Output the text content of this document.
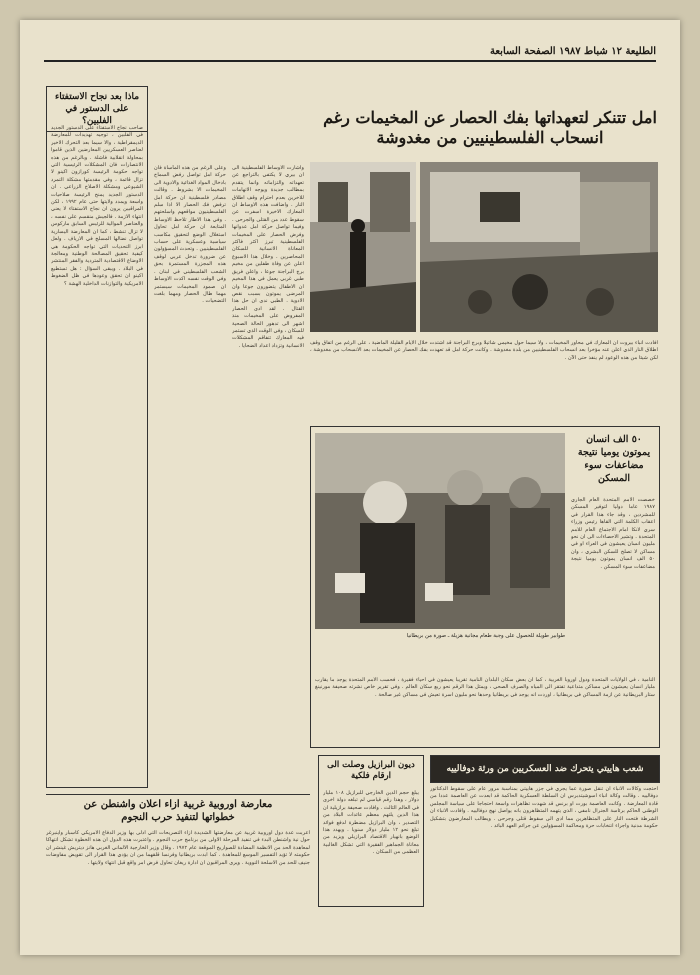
الطليعة ١٢ شباط ١٩٨٧ الصفحة السابعة
امل تتنكر لتعهداتها بفك الحصار عن المخيمات رغم
انسحاب الفلسطينيين من مغدوشة
افادت انباء بيروت ان المعارك في محاور المخيمات ، ولا سيما حول مخيمي شاتيلا وبرج البراجنة قد اشتدت خلال الايام القليلة الماضية ، على الرغم من اتفاق وقف اطلاق النار الذي اعلن عنه مؤخرا بعد انسحاب الفلسطينيين من بلدة مغدوشة . وكانت حركة امل قد تعهدت بفك الحصار عن المخيمات بعد الانسحاب من مغدوشة ، لكن شيئا من هذه الوعود لم ينفذ حتى الآن .
واشارت الاوساط الفلسطينية الى ان بيري لا يكتفي بالتراجع عن تعهداته والتزاماته وانما يتقدم بمطالب جديدة ويوجه الاتهامات للاخرين بعدم احترام وقف اطلاق النار . واضافت هذه الاوساط ان المعارك الاخيرة اسفرت عن سقوط عدد من القتلى والجرحى . وفيما تواصل حركة امل عدوانها وفرض الحصار على المخيمات الفلسطينية تبرز اكثر فاكثر المعاناة الانسانية للسكان المحاصرين . وخلال هذا الاسبوع اعلن عن وفاة طفلين من مخيم برج البراجنة جوعا ، واعلن فريق طبي غربي يعمل في هذا المخيم ان الاطفال يتضورون جوعا وان المرضى يموتون بسبب نقص الادوية . الطبي ندى ان حل هذا القتال . لقد ادى الحصار المفروض على المخيمات منذ اشهر الى تدهور الحالة الصحية للسكان ، وفي الوقت الذي تستمر فيه المعارك تتفاقم المشكلات الانسانية وتزداد اعداد الضحايا .
وعلى الرغم من هذه المأساة فان حركة امل تواصل رفض السماح بادخال المواد الغذائية والادوية الى المخيمات الا بشروط . وقالت مصادر فلسطينية ان حركة امل ترفض فك الحصار الا اذا سلم الفلسطينيون مواقعهم واسلحتهم . وفي هذا الاطار تلاحظ الاوساط المتابعة ان حركة امل تحاول استغلال الوضع لتحقيق مكاسب سياسية وعسكرية على حساب الفلسطينيين . وتحدث المسؤولون عن ضرورة تدخل عربي لوقف هذه المجزرة المستمرة بحق الشعب الفلسطيني في لبنان . وفي الوقت نفسه اكدت الاوساط ان صمود المخيمات سيستمر مهما طال الحصار ومهما بلغت التضحيات .
ماذا بعد نجاح الاستفتاء
على الدستور في الفلبين؟
صاحب نجاح الاستفتاء على الدستور الجديد في الفلبين ، توجيه تهديدات للمعارضة الديمقراطية ، والا سيما بعد التحرك الاخير لعناصر العسكريين المعارضين الذين قاموا بمحاولة انقلابية فاشلة . وبالرغم من هذه الانتصارات فان المشكلات الرئيسية التي تواجه حكومة الرئيسة كورازون اكينو لا تزال قائمة ، وفي مقدمتها مشكلة التمرد الشيوعي ومشكلة الاصلاح الزراعي . ان الدستور الجديد يمنح الرئيسة صلاحيات واسعة ويمدد ولايتها حتى عام ١٩٩٢ ، لكن المراقبين يرون ان نجاح الاستفتاء لا يعني انتهاء الازمة . فالجيش منقسم على نفسه ، والعناصر الموالية للرئيس السابق ماركوس لا تزال تنشط ، كما ان المعارضة اليسارية تواصل نضالها المسلح في الارياف . ولعل ابرز التحديات التي تواجه الحكومة هي كيفية تحقيق المصالحة الوطنية ومعالجة الاوضاع الاقتصادية المتردية والفقر المنتشر في البلاد . ويبقى السؤال : هل تستطيع اكينو ان تحقق وعودها في ظل الضغوط الامريكية والتوازنات الداخلية الهشة ؟
٥٠ الف انسان
يموتون يوميا نتيجة
مضاعفات سوء
المسكن
خصصت الامم المتحدة العام الجاري ١٩٨٧ عاما دوليا لتوفير المسكن للمشردين ، وقد جاء هذا القرار في اعقاب الكلمة التي القاها رئيس وزراء سري لانكا امام الاجتماع العام للامم المتحدة . وتشير الاحصاءات الى ان نحو مليون انسان يعيشون في العراء او في مساكن لا تصلح للسكن البشري ، وان ٥٠ الف انسان يموتون يوميا نتيجة مضاعفات سوء المسكن .
طوابير طويلة للحصول على وجبة طعام مجانية هزيلة ـ صورة من بريطانيا
النامية ، في الولايات المتحدة ودول اوروبا الغربية ، كما ان بعض سكان البلدان النامية تقريبا يعيشون في احياء فقيرة ، فحسب الامم المتحدة يوجد ما يقارب مليار انسان يعيشون في مساكن متداعية تفتقر الى المياه والصرف الصحي ، ويمثل هذا الرقم نحو ربع سكان العالم . وفي تقرير خاص نشرته صحيفة مورنينغ ستار البريطانية عن ازمة المساكن في بريطانيا ، اوردت انه يوجد في بريطانيا وحدها نحو مليون اسرة تعيش في مساكن غير صالحة .
شعب هاييتي يتحرك ضد العسكريين من ورثة دوفالييه
احتجت وكالات الانباء ان تنقل صورة عما يجري في جزر هاييتي بمناسبة مرور عام على سقوط الدكتاتور دوفالييه . وقالت وكالة انباء اسوشيتدبرس ان السلطة العسكرية الحاكمة قد ابعدت عن العاصمة عددا من قادة المعارضة . وكانت العاصمة بورت او برنس قد شهدت تظاهرات واسعة احتجاجا على سياسة المجلس الوطني الحاكم برئاسة الجنرال نامفي ، الذي يتهمه المتظاهرون بانه يواصل نهج دوفالييه . وافادت الانباء ان الشرطة فتحت النار على المتظاهرين مما ادى الى سقوط قتلى وجرحى . ويطالب المعارضون بتشكيل حكومة مدنية واجراء انتخابات حرة ومحاكمة المسؤولين عن جرائم العهد البائد .
ديون البرازيل وصلت الى
ارقام فلكية
يبلغ حجم الدين الخارجي للبرازيل ١٠٨ مليار دولار ، وهذا رقم قياسي لم تبلغه دولة اخرى في العالم الثالث . وافادت صحيفة برازيلية ان هذا الدين يلتهم معظم عائدات البلاد من التصدير ، وان البرازيل مضطرة لدفع فوائد تبلغ نحو ١٢ مليار دولار سنويا . ويهدد هذا الوضع بانهيار الاقتصاد البرازيلي ويزيد من معاناة الجماهير الفقيرة التي تشكل الغالبية العظمى من السكان .
معارضة اوروبية غربية ازاء اعلان واشنطن عن
خطواتها لتنفيذ حرب النجوم
اعربت عدة دول اوروبية غربية عن معارضتها الشديدة ازاء التصريحات التي ادلى بها وزير الدفاع الامريكي كاسبار واينبرغر حول نية واشنطن البدء في تنفيذ المرحلة الاولى من برنامج حرب النجوم . واعتبرت هذه الدول ان هذه الخطوة تشكل انتهاكا لمعاهدة الحد من الانظمة المضادة للصواريخ الموقعة عام ١٩٧٢ . وقال وزير الخارجية الالماني الغربي هانز ديتريش غينشر ان حكومته لا تؤيد التفسير الموسع للمعاهدة . كما ابدت بريطانيا وفرنسا قلقهما من ان يؤدي هذا القرار الى تقويض مفاوضات جنيف للحد من الاسلحة النووية . ويرى المراقبون ان ادارة ريغان تحاول فرض امر واقع قبل انتهاء ولايتها .
